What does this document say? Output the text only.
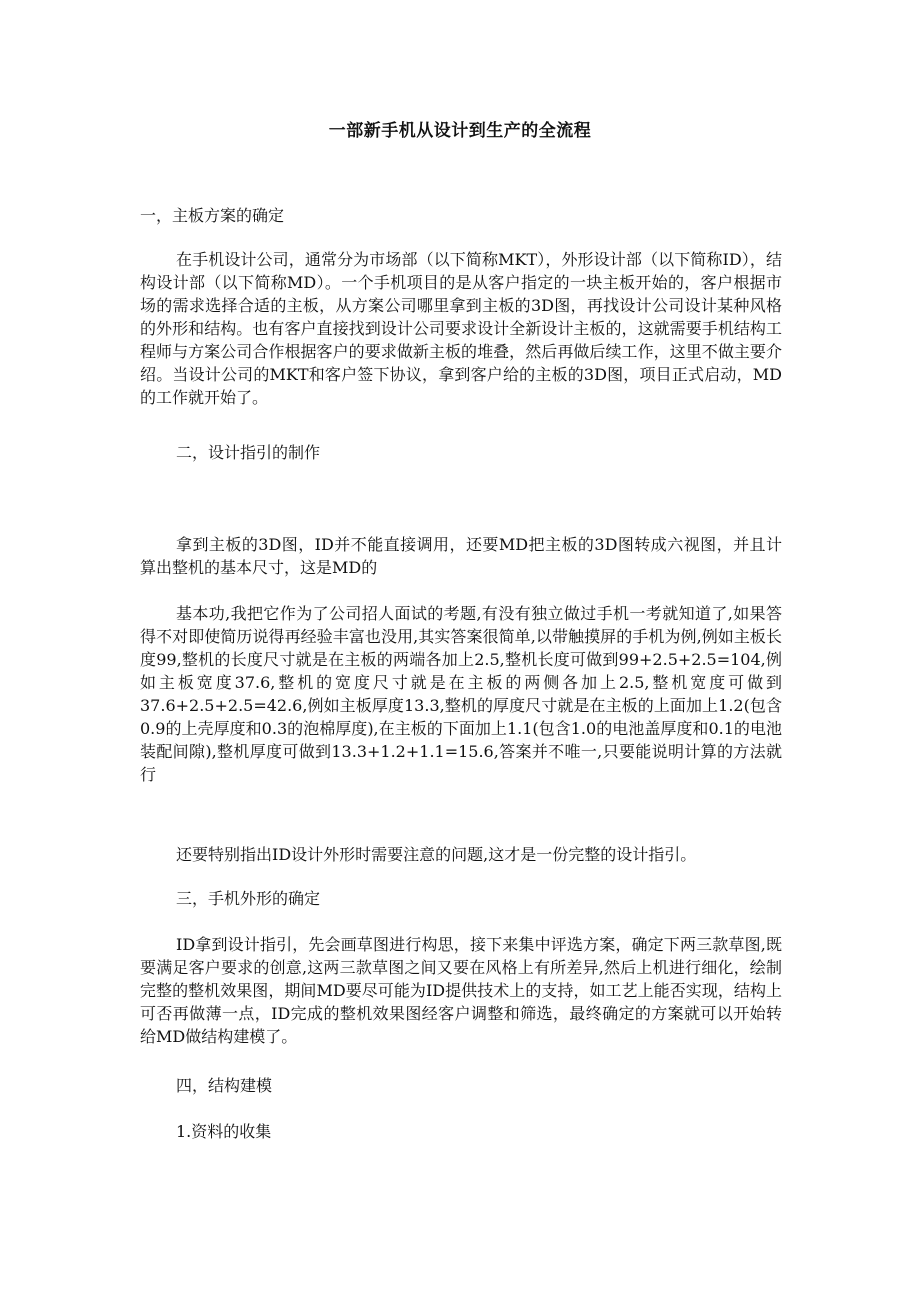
一部新手机从设计到生产的全流程

一，主板方案的确定

在手机设计公司，通常分为市场部（以下简称MKT），外形设计部（以下简称ID），结构设计部（以下简称MD）。一个手机项目的是从客户指定的一块主板开始的，客户根据市场的需求选择合适的主板，从方案公司哪里拿到主板的3D图，再找设计公司设计某种风格的外形和结构。也有客户直接找到设计公司要求设计全新设计主板的，这就需要手机结构工程师与方案公司合作根据客户的要求做新主板的堆叠，然后再做后续工作，这里不做主要介绍。当设计公司的MKT和客户签下协议，拿到客户给的主板的3D图，项目正式启动，MD的工作就开始了。

二，设计指引的制作

拿到主板的3D图，ID并不能直接调用，还要MD把主板的3D图转成六视图，并且计算出整机的基本尺寸，这是MD的

基本功,我把它作为了公司招人面试的考题,有没有独立做过手机一考就知道了,如果答得不对即使简历说得再经验丰富也没用,其实答案很简单,以带触摸屏的手机为例,例如主板长度99,整机的长度尺寸就是在主板的两端各加上2.5,整机长度可做到99+2.5+2.5=104,例如主板宽度37.6,整机的宽度尺寸就是在主板的两侧各加上2.5,整机宽度可做到37.6+2.5+2.5=42.6,例如主板厚度13.3,整机的厚度尺寸就是在主板的上面加上1.2(包含0.9的上壳厚度和0.3的泡棉厚度),在主板的下面加上1.1(包含1.0的电池盖厚度和0.1的电池装配间隙),整机厚度可做到13.3+1.2+1.1=15.6,答案并不唯一,只要能说明计算的方法就行

还要特别指出ID设计外形时需要注意的问题,这才是一份完整的设计指引。

三，手机外形的确定

ID拿到设计指引，先会画草图进行构思，接下来集中评选方案，确定下两三款草图,既要满足客户要求的创意,这两三款草图之间又要在风格上有所差异,然后上机进行细化，绘制完整的整机效果图，期间MD要尽可能为ID提供技术上的支持，如工艺上能否实现，结构上可否再做薄一点，ID完成的整机效果图经客户调整和筛选，最终确定的方案就可以开始转给MD做结构建模了。

四，结构建模

1.资料的收集
